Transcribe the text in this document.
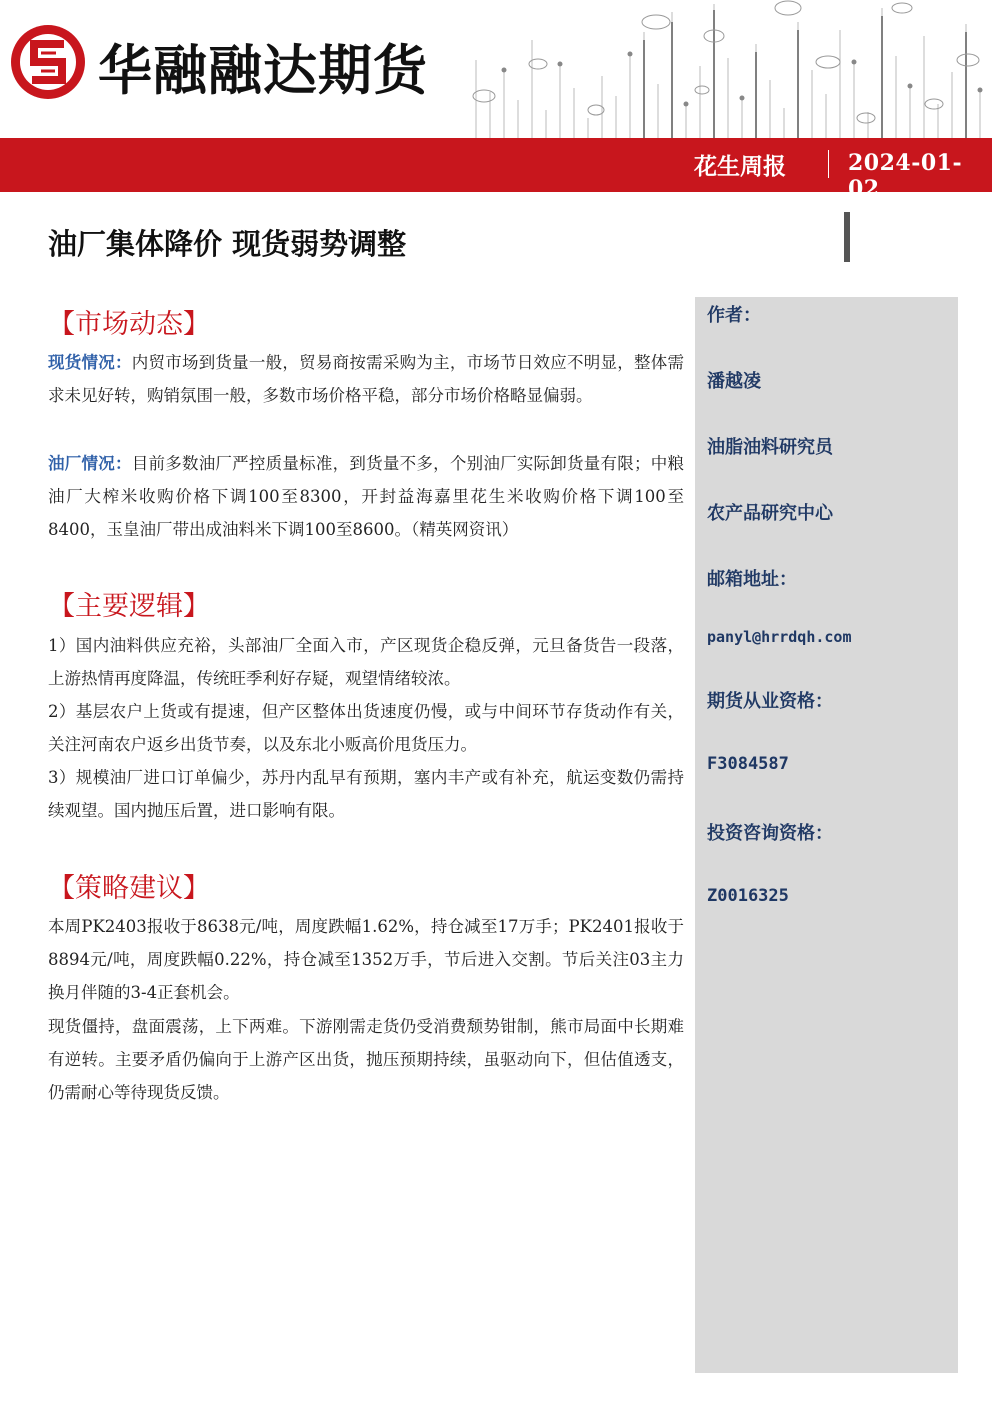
华融融达期货
花生周报	2024-01-02
油厂集体降价 现货弱势调整
【市场动态】
现货情况：内贸市场到货量一般，贸易商按需采购为主，市场节日效应不明显，整体需求未见好转，购销氛围一般，多数市场价格平稳，部分市场价格略显偏弱。
油厂情况：目前多数油厂严控质量标准，到货量不多，个别油厂实际卸货量有限；中粮油厂大榨米收购价格下调100至8300，开封益海嘉里花生米收购价格下调100至8400，玉皇油厂带出成油料米下调100至8600。（精英网资讯）
【主要逻辑】
1）国内油料供应充裕，头部油厂全面入市，产区现货企稳反弹，元旦备货告一段落，上游热情再度降温，传统旺季利好存疑，观望情绪较浓。
2）基层农户上货或有提速，但产区整体出货速度仍慢，或与中间环节存货动作有关，关注河南农户返乡出货节奏，以及东北小贩高价甩货压力。
3）规模油厂进口订单偏少，苏丹内乱早有预期，塞内丰产或有补充，航运变数仍需持续观望。国内抛压后置，进口影响有限。
【策略建议】
本周PK2403报收于8638元/吨，周度跌幅1.62%，持仓减至17万手；PK2401报收于8894元/吨，周度跌幅0.22%，持仓减至1352万手，节后进入交割。节后关注03主力换月伴随的3-4正套机会。
现货僵持，盘面震荡，上下两难。下游刚需走货仍受消费颓势钳制，熊市局面中长期难有逆转。主要矛盾仍偏向于上游产区出货，抛压预期持续，虽驱动向下，但估值透支，仍需耐心等待现货反馈。
作者：
潘越凌
油脂油料研究员
农产品研究中心
邮箱地址：
panyl@hrrdqh.com
期货从业资格：
F3084587
投资咨询资格：
Z0016325
